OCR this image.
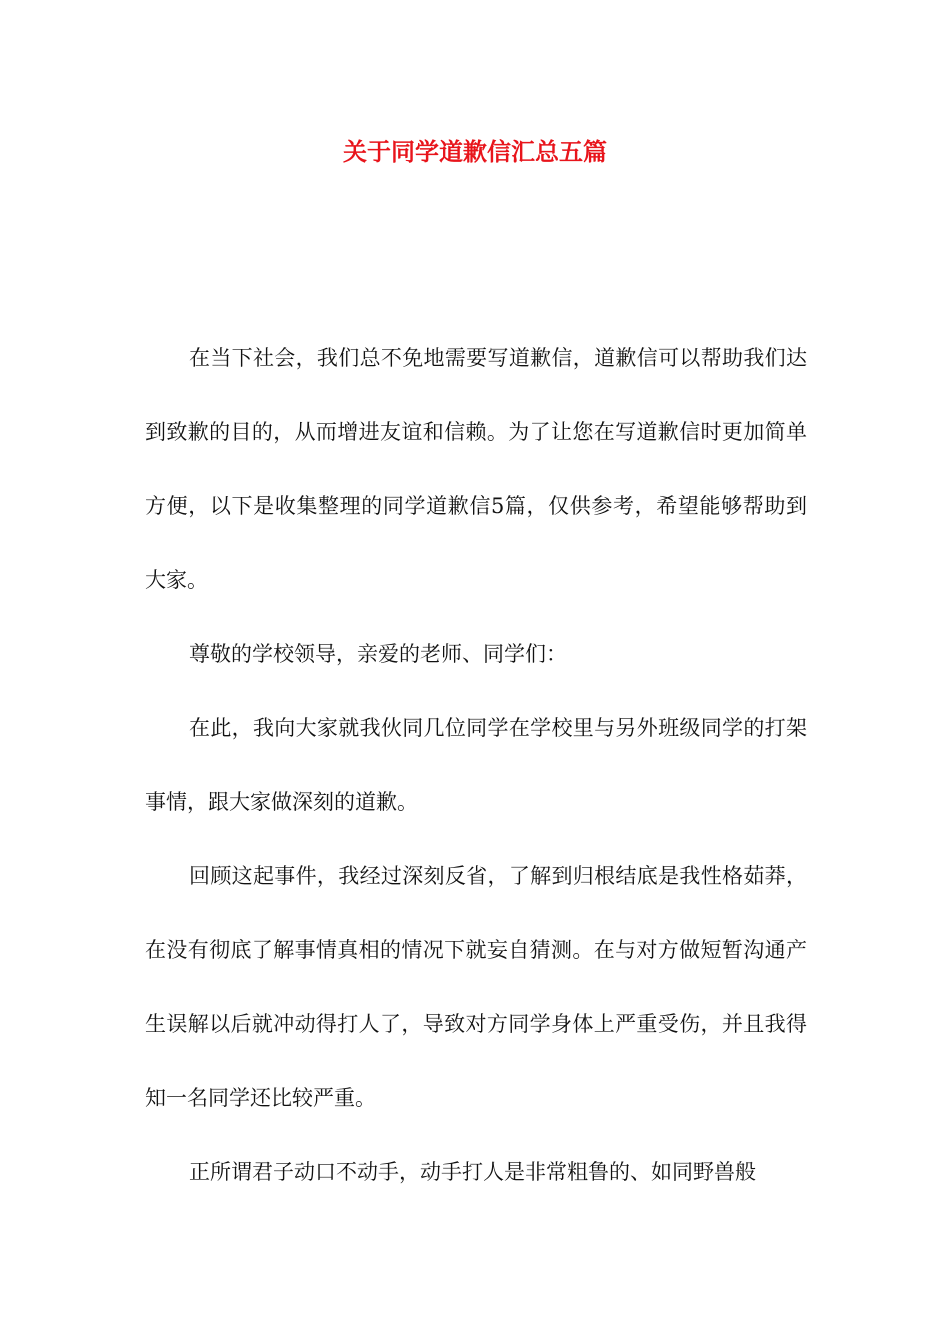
关于同学道歉信汇总五篇

在当下社会，我们总不免地需要写道歉信，道歉信可以帮助我们达到致歉的目的，从而增进友谊和信赖。为了让您在写道歉信时更加简单方便，以下是收集整理的同学道歉信5篇，仅供参考，希望能够帮助到大家。

尊敬的学校领导，亲爱的老师、同学们：

在此，我向大家就我伙同几位同学在学校里与另外班级同学的打架事情，跟大家做深刻的道歉。

回顾这起事件，我经过深刻反省，了解到归根结底是我性格茹莽，在没有彻底了解事情真相的情况下就妄自猜测。在与对方做短暂沟通产生误解以后就冲动得打人了，导致对方同学身体上严重受伤，并且我得知一名同学还比较严重。

正所谓君子动口不动手，动手打人是非常粗鲁的、如同野兽般
